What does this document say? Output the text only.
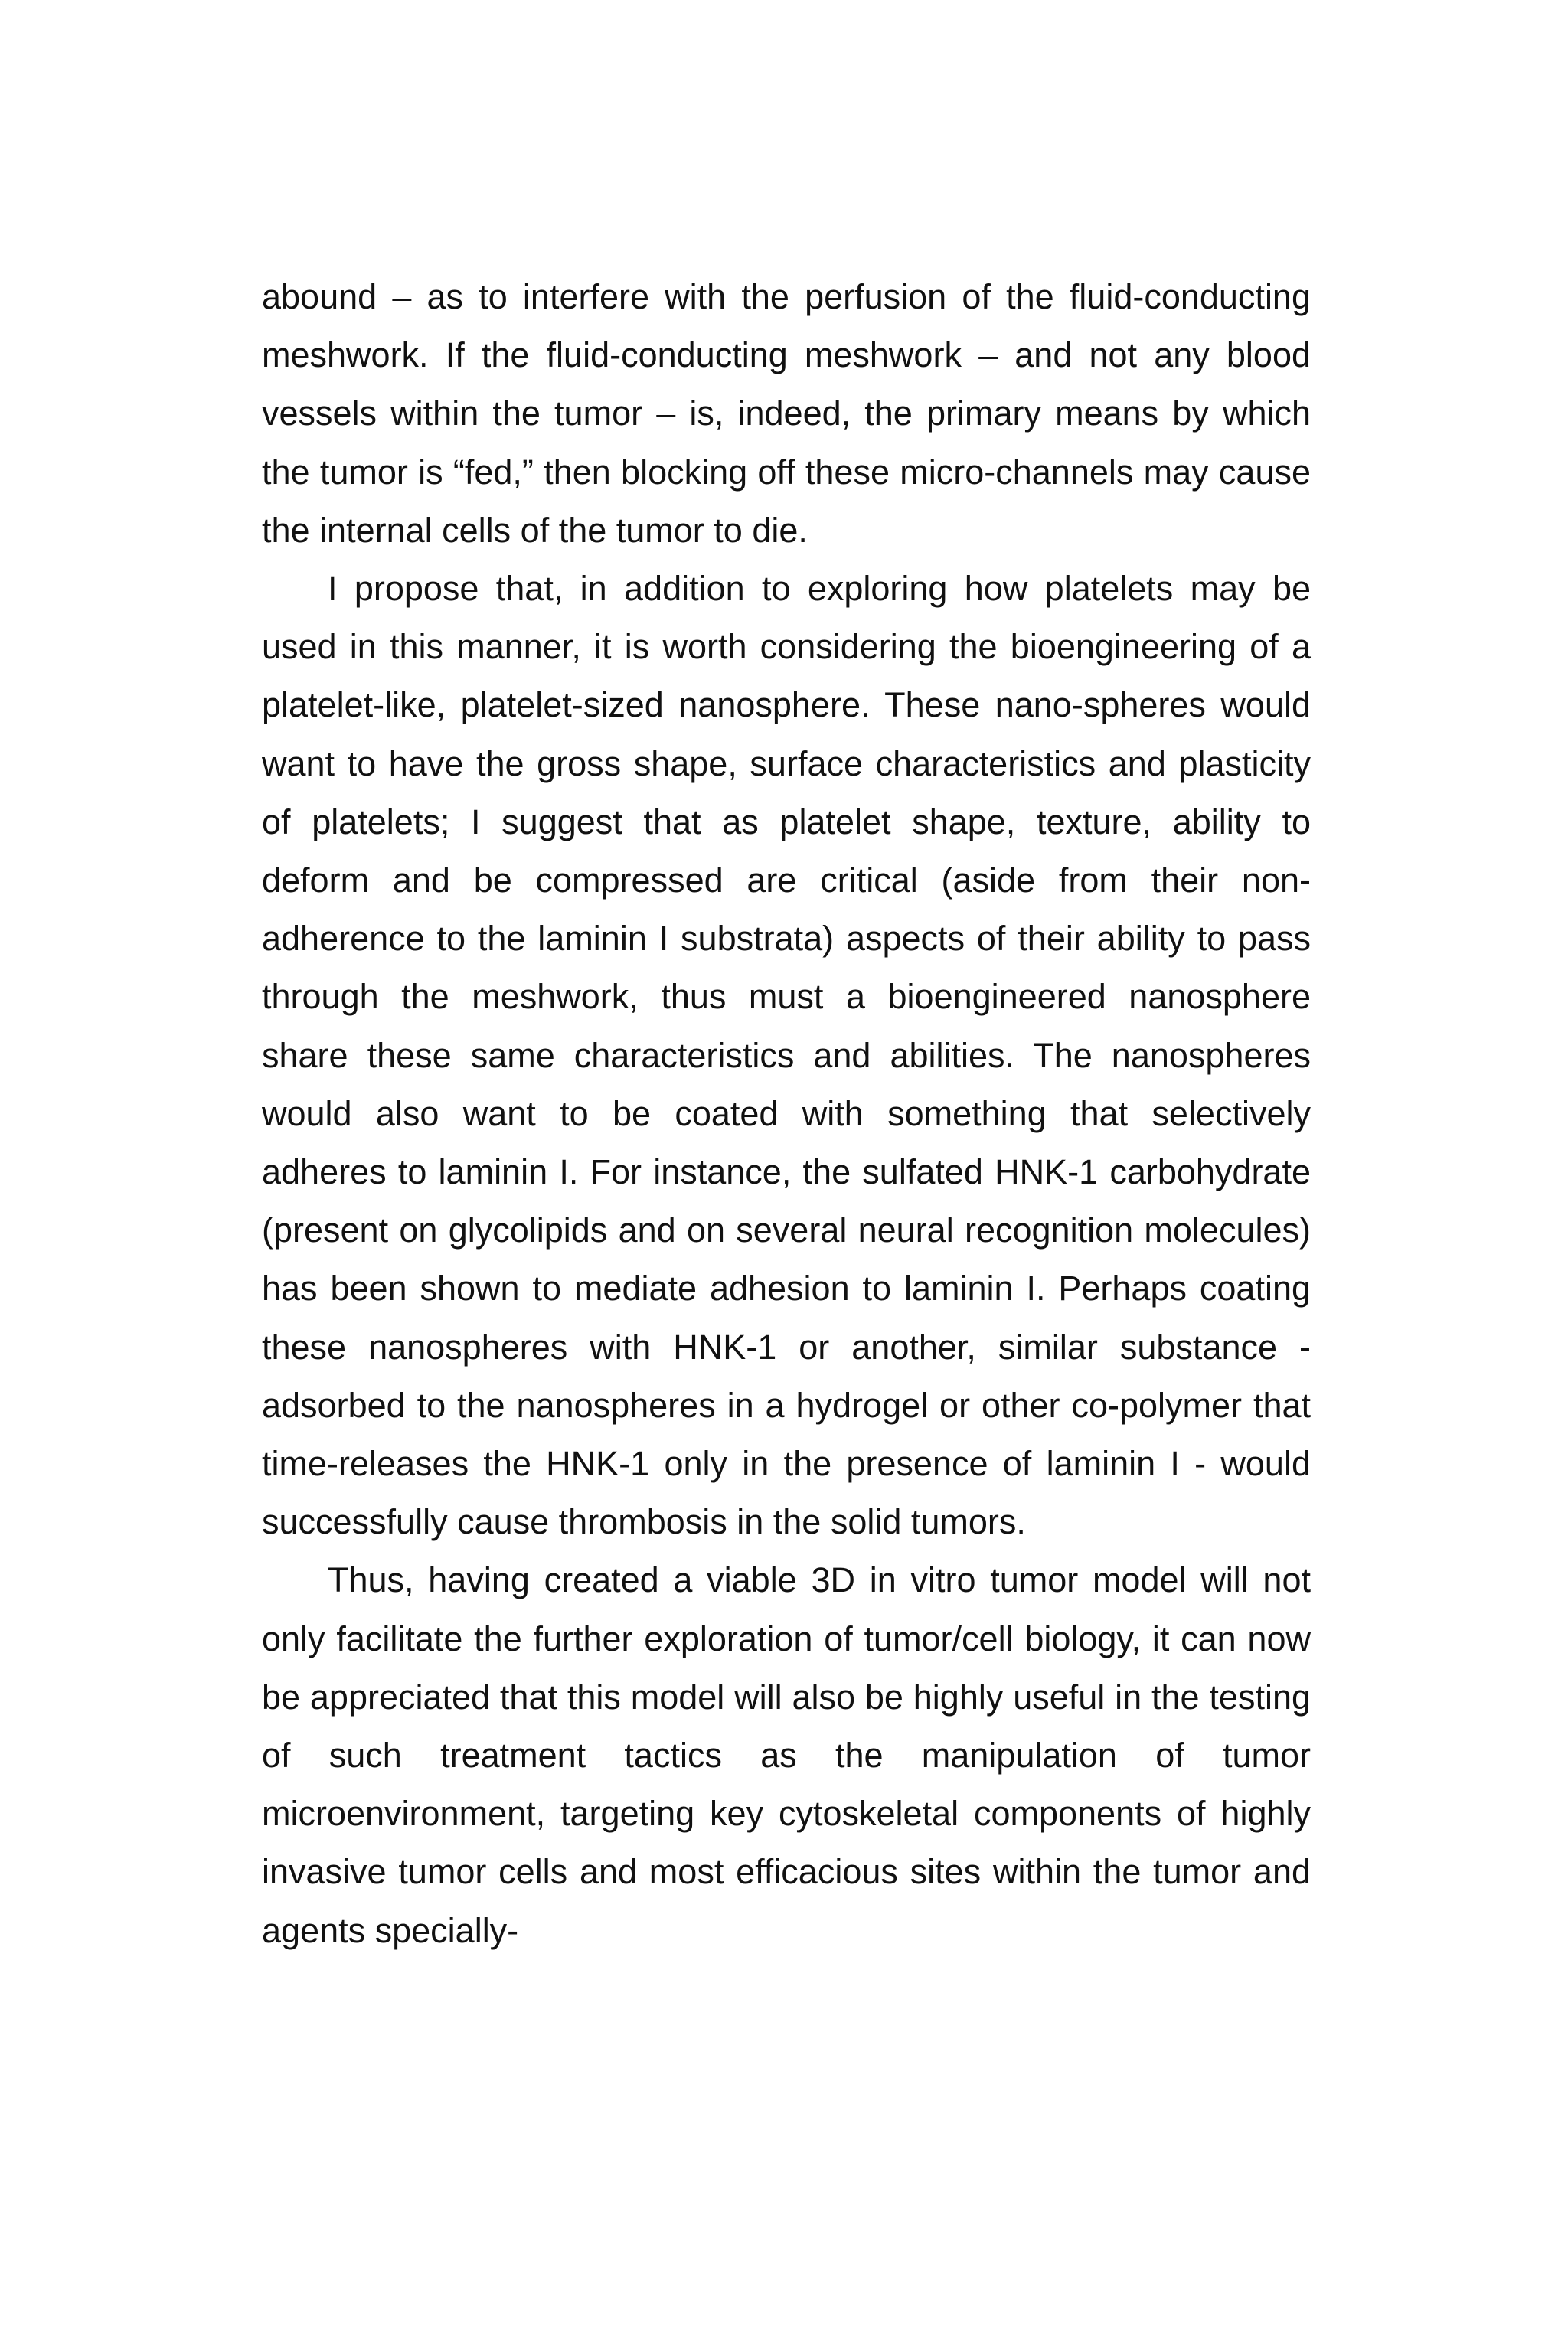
abound – as to interfere with the perfusion of the fluid-conducting meshwork. If the fluid-conducting meshwork – and not any blood vessels within the tumor – is, indeed, the primary means by which the tumor is “fed,” then blocking off these micro-channels may cause the internal cells of the tumor to die.

I propose that, in addition to exploring how platelets may be used in this manner, it is worth considering the bioengineering of a platelet-like, platelet-sized nanosphere. These nano-spheres would want to have the gross shape, surface characteristics and plasticity of platelets; I suggest that as platelet shape, texture, ability to deform and be compressed are critical (aside from their non-adherence to the laminin I substrata) aspects of their ability to pass through the meshwork, thus must a bioengineered nanosphere share these same characteristics and abilities. The nanospheres would also want to be coated with something that selectively adheres to laminin I. For instance, the sulfated HNK-1 carbohydrate (present on glycolipids and on several neural recognition molecules) has been shown to mediate adhesion to laminin I. Perhaps coating these nanospheres with HNK-1 or another, similar substance - adsorbed to the nanospheres in a hydrogel or other co-polymer that time-releases the HNK-1 only in the presence of laminin I - would successfully cause thrombosis in the solid tumors.

Thus, having created a viable 3D in vitro tumor model will not only facilitate the further exploration of tumor/cell biology, it can now be appreciated that this model will also be highly useful in the testing of such treatment tactics as the manipulation of tumor microenvironment, targeting key cytoskeletal components of highly invasive tumor cells and most efficacious sites within the tumor and agents specially-
